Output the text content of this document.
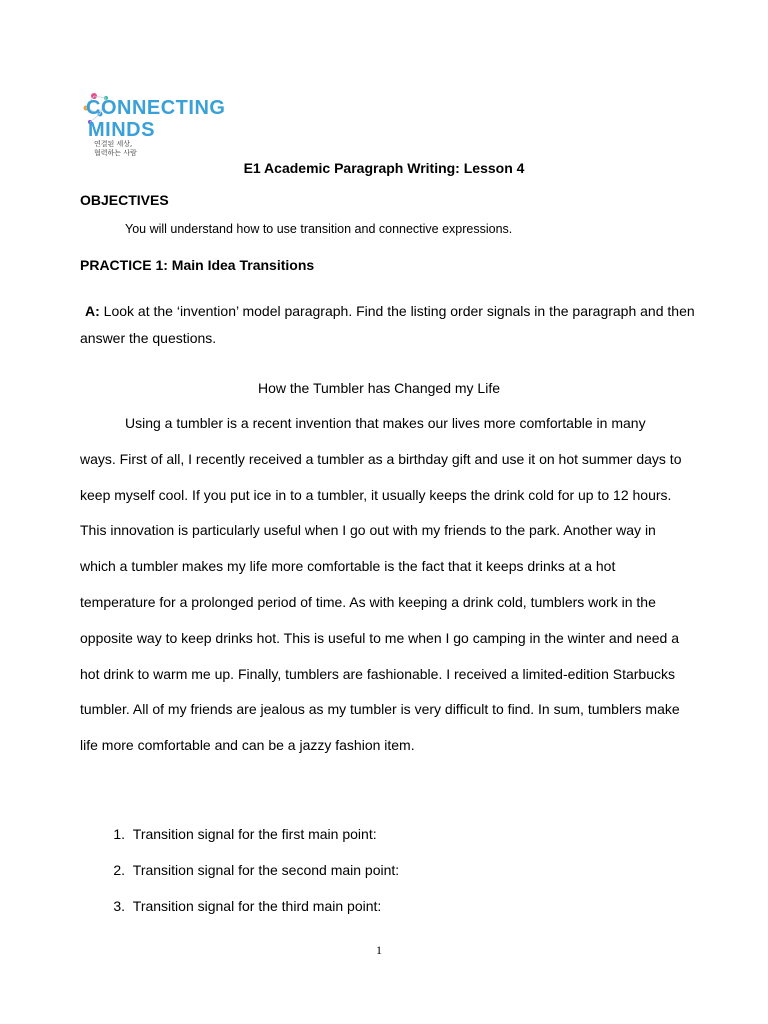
CONNECTING
MINDS
연결된 세상,
협력하는 사람
E1 Academic Paragraph Writing: Lesson 4
OBJECTIVES
You will understand how to use transition and connective expressions.
PRACTICE 1: Main Idea Transitions
A: Look at the ‘invention’ model paragraph. Find the listing order signals in the paragraph and then answer the questions.
How the Tumbler has Changed my Life
Using a tumbler is a recent invention that makes our lives more comfortable in many ways. First of all, I recently received a tumbler as a birthday gift and use it on hot summer days to keep myself cool. If you put ice in to a tumbler, it usually keeps the drink cold for up to 12 hours. This innovation is particularly useful when I go out with my friends to the park. Another way in which a tumbler makes my life more comfortable is the fact that it keeps drinks at a hot temperature for a prolonged period of time. As with keeping a drink cold, tumblers work in the opposite way to keep drinks hot. This is useful to me when I go camping in the winter and need a hot drink to warm me up. Finally, tumblers are fashionable. I received a limited-edition Starbucks tumbler. All of my friends are jealous as my tumbler is very difficult to find. In sum, tumblers make life more comfortable and can be a jazzy fashion item.
1. Transition signal for the first main point:
2. Transition signal for the second main point:
3. Transition signal for the third main point:
1
